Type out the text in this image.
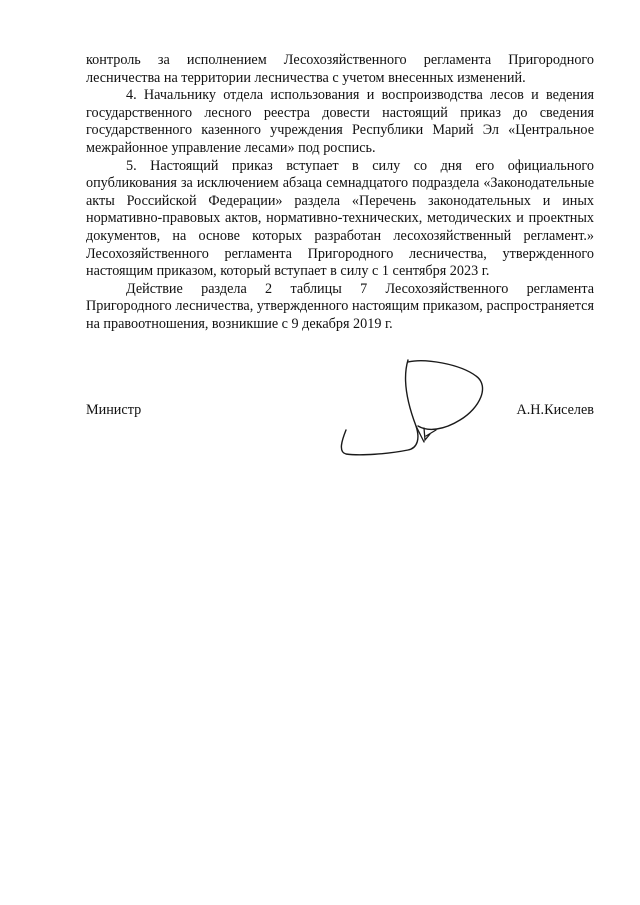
контроль за исполнением Лесохозяйственного регламента Пригородного лесничества на территории лесничества с учетом внесенных изменений.

4. Начальнику отдела использования и воспроизводства лесов и ведения государственного лесного реестра довести настоящий приказ до сведения государственного казенного учреждения Республики Марий Эл «Центральное межрайонное управление лесами» под роспись.

5. Настоящий приказ вступает в силу со дня его официального опубликования за исключением абзаца семнадцатого подраздела «Законодательные акты Российской Федерации» раздела «Перечень законодательных и иных нормативно-правовых актов, нормативно-технических, методических и проектных документов, на основе которых разработан лесохозяйственный регламент.» Лесохозяйственного регламента Пригородного лесничества, утвержденного настоящим приказом, который вступает в силу с 1 сентября 2023 г.

Действие раздела 2 таблицы 7 Лесохозяйственного регламента Пригородного лесничества, утвержденного настоящим приказом, распространяется на правоотношения, возникшие с 9 декабря 2019 г.

Министр	А.Н.Киселев
